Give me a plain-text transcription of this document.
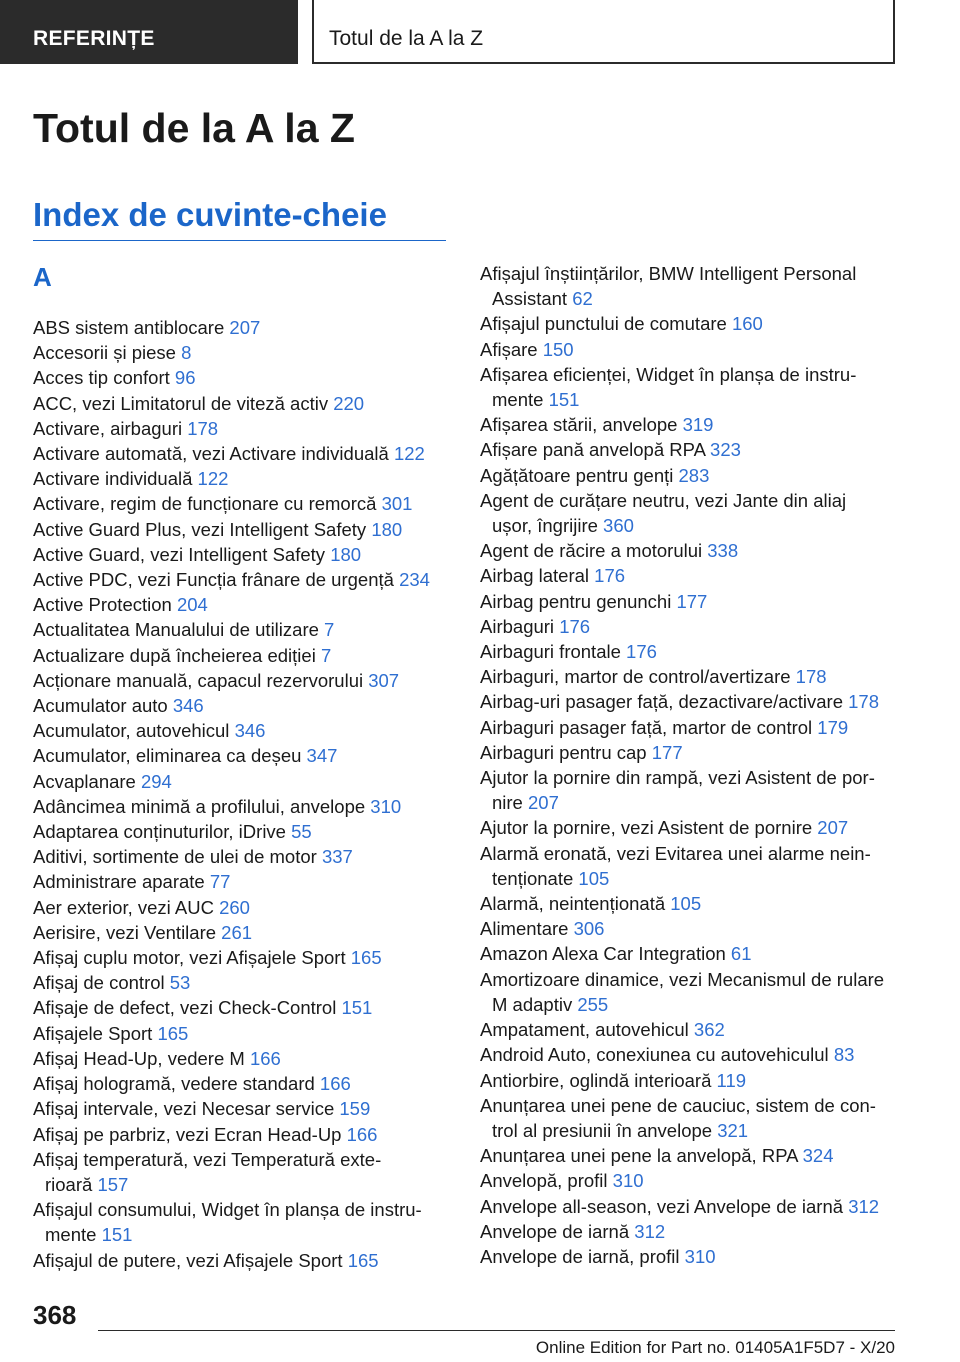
REFERINȚE	Totul de la A la Z
Totul de la A la Z
Index de cuvinte-cheie
A
ABS sistem antiblocare 207
Accesorii și piese 8
Acces tip confort 96
ACC, vezi Limitatorul de viteză activ 220
Activare, airbaguri 178
Activare automată, vezi Activare individuală 122
Activare individuală 122
Activare, regim de funcționare cu remorcă 301
Active Guard Plus, vezi Intelligent Safety 180
Active Guard, vezi Intelligent Safety 180
Active PDC, vezi Funcția frânare de urgență 234
Active Protection 204
Actualitatea Manualului de utilizare 7
Actualizare după încheierea ediției 7
Acționare manuală, capacul rezervorului 307
Acumulator auto 346
Acumulator, autovehicul 346
Acumulator, eliminarea ca deșeu 347
Acvaplanare 294
Adâncimea minimă a profilului, anvelope 310
Adaptarea conținuturilor, iDrive 55
Aditivi, sortimente de ulei de motor 337
Administrare aparate 77
Aer exterior, vezi AUC 260
Aerisire, vezi Ventilare 261
Afișaj cuplu motor, vezi Afișajele Sport 165
Afișaj de control 53
Afișaje de defect, vezi Check-Control 151
Afișajele Sport 165
Afișaj Head-Up, vedere M 166
Afișaj hologramă, vedere standard 166
Afișaj intervale, vezi Necesar service 159
Afișaj pe parbriz, vezi Ecran Head-Up 166
Afișaj temperatură, vezi Temperatură exte-
rioară 157
Afișajul consumului, Widget în planșa de instru-
mente 151
Afișajul de putere, vezi Afișajele Sport 165
Afișajul înștiințărilor, BMW Intelligent Personal
Assistant 62
Afișajul punctului de comutare 160
Afișare 150
Afișarea eficienței, Widget în planșa de instru-
mente 151
Afișarea stării, anvelope 319
Afișare pană anvelopă RPA 323
Agățătoare pentru genți 283
Agent de curățare neutru, vezi Jante din aliaj
ușor, îngrijire 360
Agent de răcire a motorului 338
Airbag lateral 176
Airbag pentru genunchi 177
Airbaguri 176
Airbaguri frontale 176
Airbaguri, martor de control/avertizare 178
Airbag-uri pasager față, dezactivare/activare 178
Airbaguri pasager față, martor de control 179
Airbaguri pentru cap 177
Ajutor la pornire din rampă, vezi Asistent de por-
nire 207
Ajutor la pornire, vezi Asistent de pornire 207
Alarmă eronată, vezi Evitarea unei alarme nein-
tenționate 105
Alarmă, neintenționată 105
Alimentare 306
Amazon Alexa Car Integration 61
Amortizoare dinamice, vezi Mecanismul de rulare
M adaptiv 255
Ampatament, autovehicul 362
Android Auto, conexiunea cu autovehiculul 83
Antiorbire, oglindă interioară 119
Anunțarea unei pene de cauciuc, sistem de con-
trol al presiunii în anvelope 321
Anunțarea unei pene la anvelopă, RPA 324
Anvelopă, profil 310
Anvelope all-season, vezi Anvelope de iarnă 312
Anvelope de iarnă 312
Anvelope de iarnă, profil 310
368
Online Edition for Part no. 01405A1F5D7 - X/20
